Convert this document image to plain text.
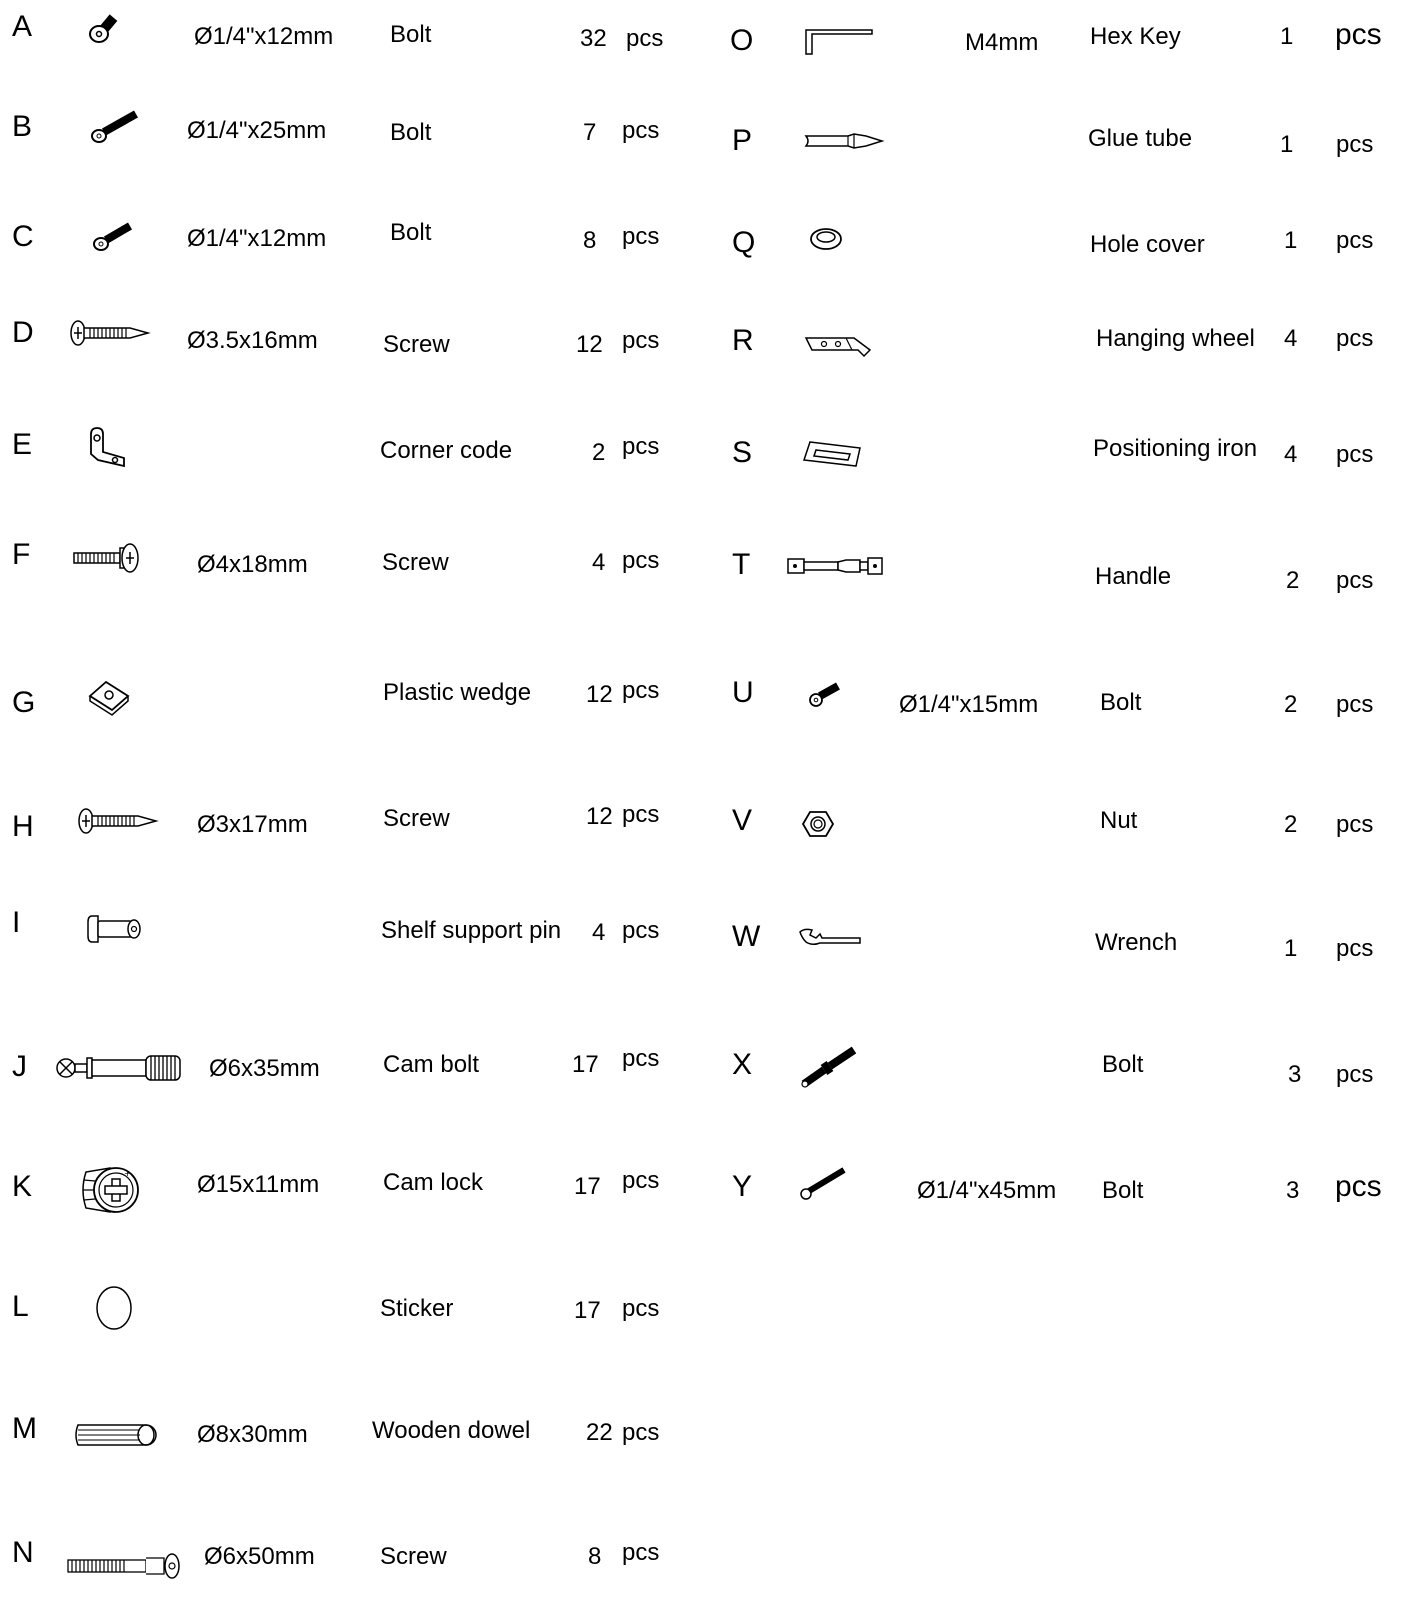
A	Ø1/4"x12mm Bolt	32 pcs
B	Ø1/4"x25mm	Bolt	7 pcs
C	Ø1/4"x12mm	Bolt	8 pcs
D	Ø3.5x16mm	Screw	12 pcs
E	Corner code	2 pcs
F	Ø4x18mm	Screw	4 pcs
G	Plastic wedge 12 pcs
H	Ø3x17mm	Screw	12 pcs
I	Shelf support pin 4 pcs
J	Ø6x35mm	Cam bolt	17 pcs
K	+	Ø15x11mm	Cam lock	17 pcs
L	Sticker	17 pcs
M	Ø8x30mm	Wooden dowel 22 pcs
N	Ø6x50mm	Screw	8 pcs
O	M4mm Hex Key	1 pcs
P	Glue tube	1 pcs
Q	Hole cover	1 pcs
R	Hanging wheel 4 pcs
S	Positioning iron 4 pcs
T	Handle	2 pcs
U	Ø1/4"x15mm	Bolt	2 pcs
V	Nut	2 pcs
W	Wrench	1 pcs
X	Bolt	3 pcs
Y	Ø1/4"x45mm Bolt	3 pcs
